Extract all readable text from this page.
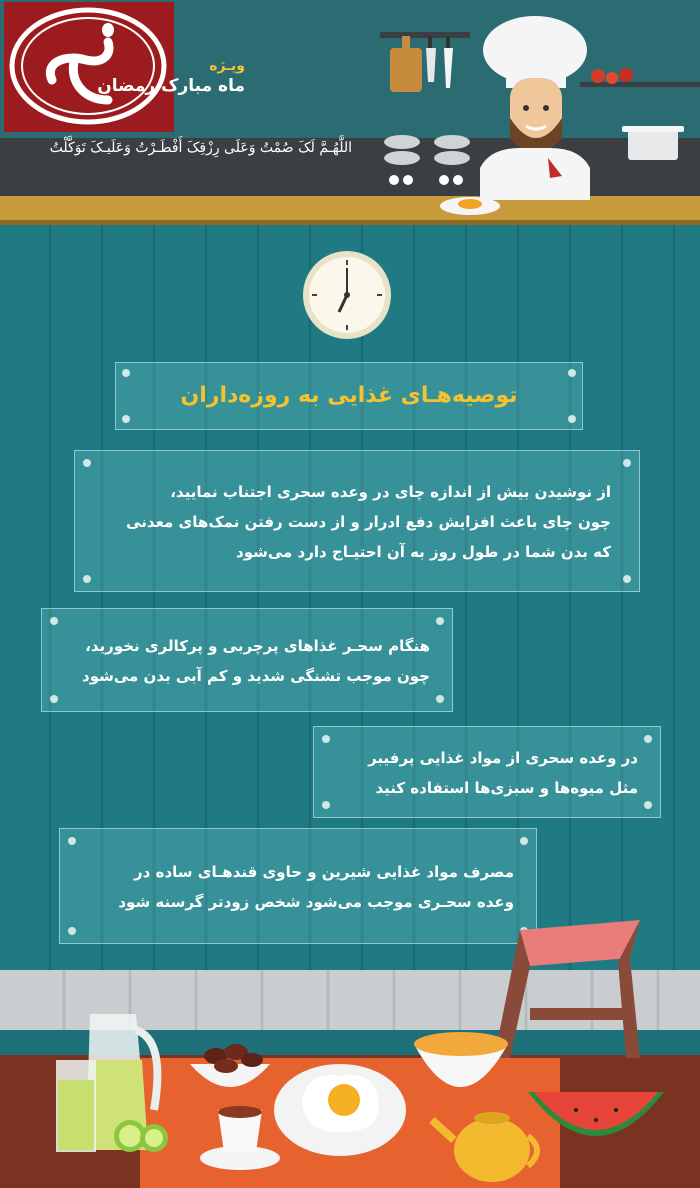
ویـژه
ماه مبارک رمضان
اللَّهُـمَّ لَکَ صُمْتُ وَعَلَى رِزْقِکَ أَفْطَـرْتُ وَعَلَیـکَ تَوَکَّلْتُ

توصیه‌هـای غذایی به روزه‌داران

از نوشیدن بیش از اندازه چای در وعده سحری اجتناب نمایید،

چون چای باعث افزایش دفع ادرار و از دست رفتن نمک‌های معدنی

که بدن شما در طول روز به آن احتیـاج دارد می‌شود

هنگام سحـر غذاهای پرچربی و پرکالری نخورید،

چون موجب تشنگی شدید و کم آبی بدن می‌شود

در وعده سحری از مواد غذایی پرفیبر

مثل میوه‌ها و سبزی‌ها استفاده کنید

مصرف مواد غذایی شیرین و حاوی قندهـای ساده در

وعده سحـری موجب می‌شود شخص زودتر گرسنه شود
